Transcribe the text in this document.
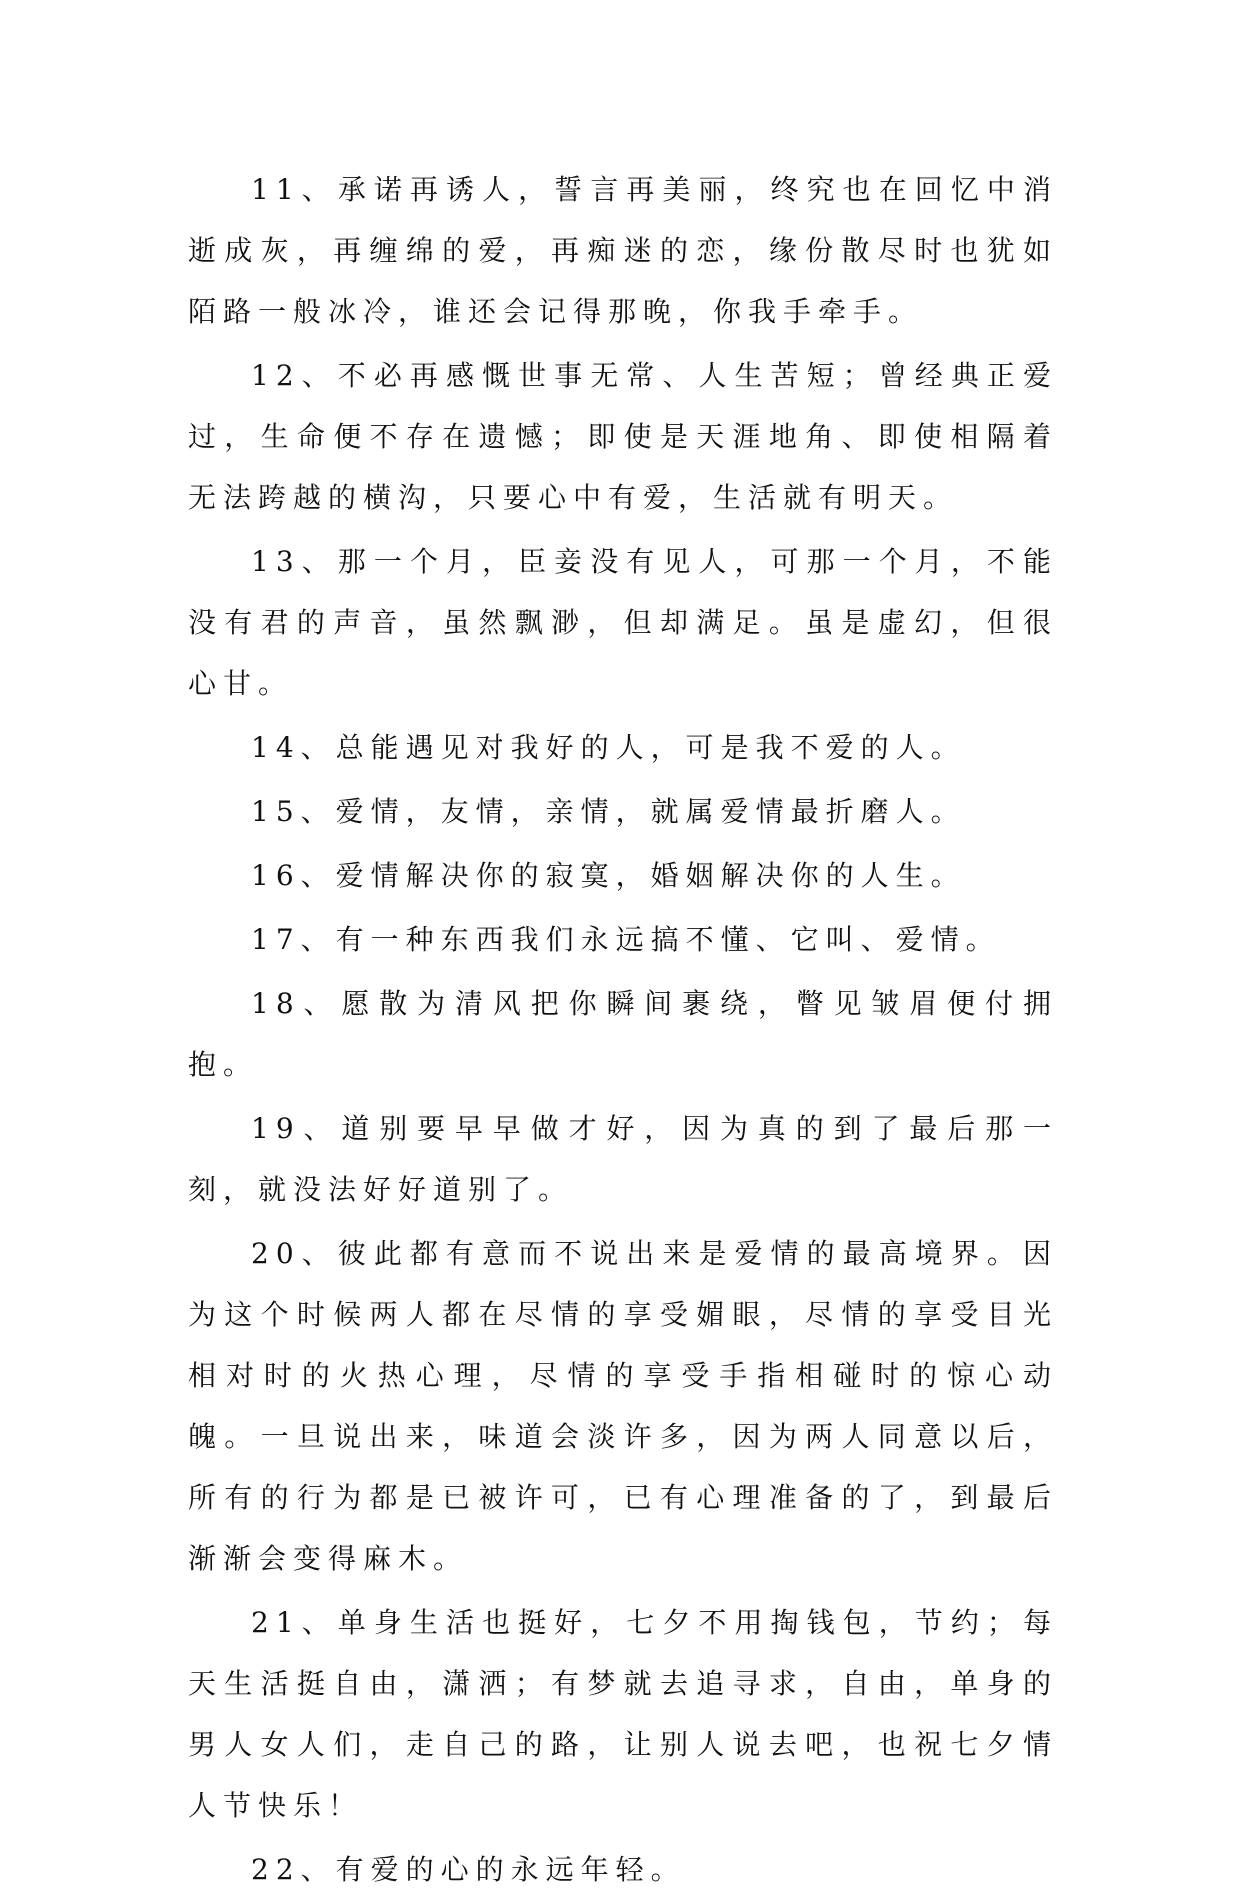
11、承诺再诱人，誓言再美丽，终究也在回忆中消逝成灰，再缠绵的爱，再痴迷的恋，缘份散尽时也犹如陌路一般冰冷，谁还会记得那晚，你我手牵手。

12、不必再感慨世事无常、人生苦短；曾经典正爱过，生命便不存在遗憾；即使是天涯地角、即使相隔着无法跨越的横沟，只要心中有爱，生活就有明天。

13、那一个月，臣妾没有见人，可那一个月，不能没有君的声音，虽然飘渺，但却满足。虽是虚幻，但很心甘。

14、总能遇见对我好的人，可是我不爱的人。

15、爱情，友情，亲情，就属爱情最折磨人。

16、爱情解决你的寂寞，婚姻解决你的人生。

17、有一种东西我们永远搞不懂、它叫、爱情。

18、愿散为清风把你瞬间裹绕，瞥见皱眉便付拥抱。

19、道别要早早做才好，因为真的到了最后那一刻，就没法好好道别了。

20、彼此都有意而不说出来是爱情的最高境界。因为这个时候两人都在尽情的享受媚眼，尽情的享受目光相对时的火热心理，尽情的享受手指相碰时的惊心动魄。一旦说出来，味道会淡许多，因为两人同意以后，所有的行为都是已被许可，已有心理准备的了，到最后渐渐会变得麻木。

21、单身生活也挺好，七夕不用掏钱包，节约；每天生活挺自由，潇洒；有梦就去追寻求，自由，单身的男人女人们，走自己的路，让别人说去吧，也祝七夕情人节快乐！

22、有爱的心的永远年轻。
